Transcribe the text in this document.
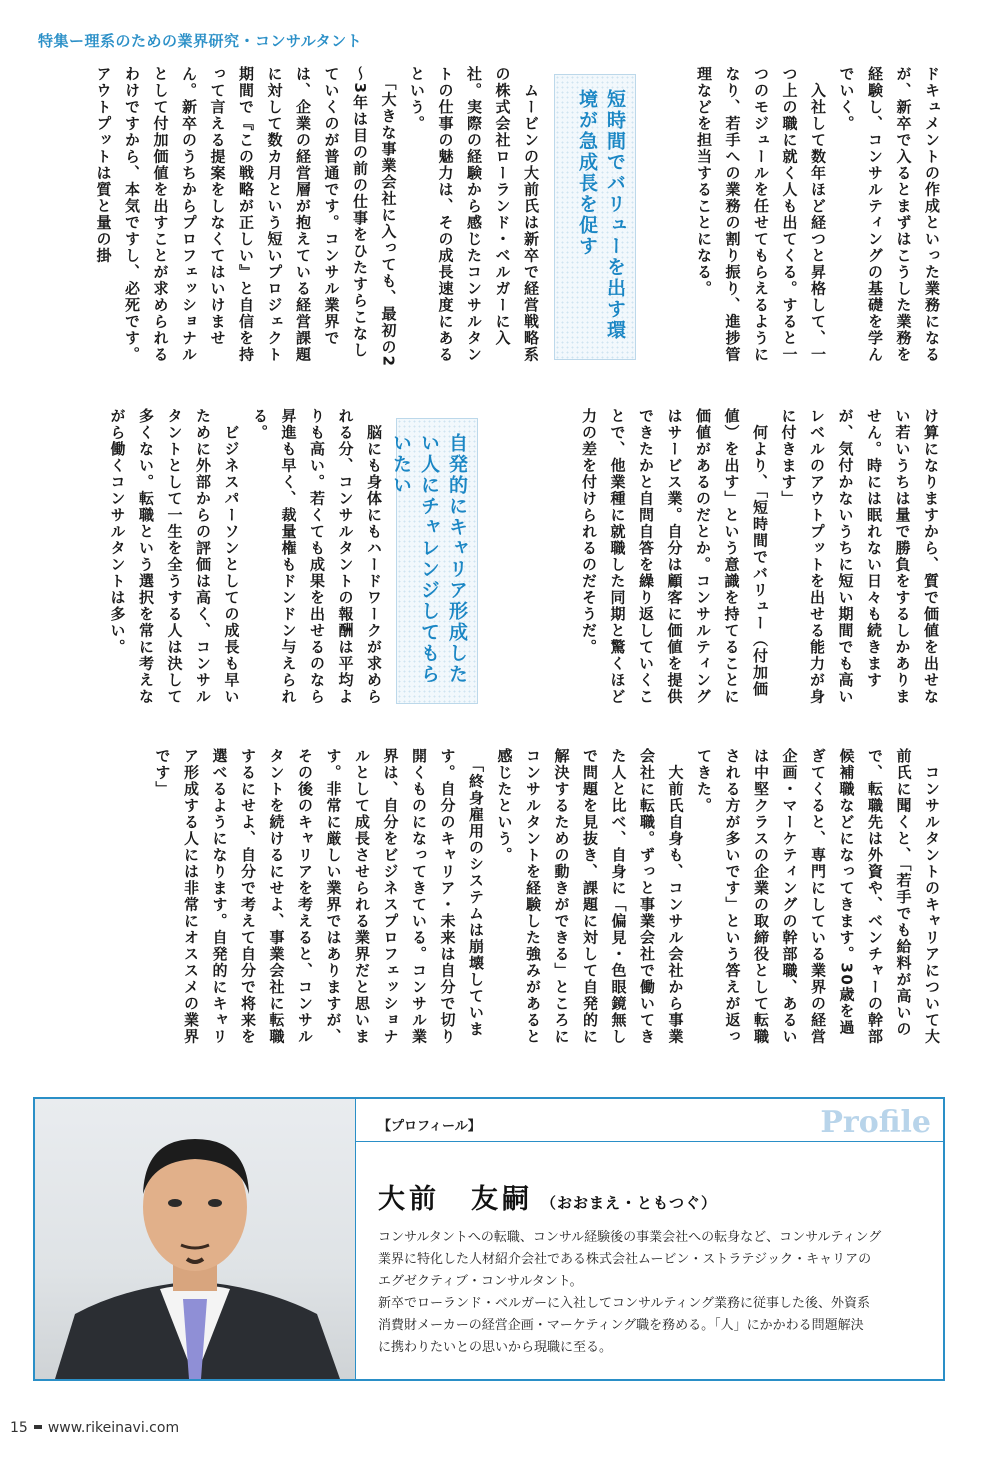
特集ー理系のための業界研究・コンサルタント

ドキュメントの作成といった業務になるが、新卒で入るとまずはこうした業務を経験し、コンサルティングの基礎を学んでいく。

　入社して数年ほど経つと昇格して、一つ上の職に就く人も出てくる。すると一つのモジュールを任せてもらえるようになり、若手への業務の割り振り、進捗管理などを担当することになる。

短時間でバリューを出す環境が急成長を促す

　ムービンの大前氏は新卒で経営戦略系の株式会社ローランド・ベルガーに入社。実際の経験から感じたコンサルタントの仕事の魅力は、その成長速度にあるという。

　「大きな事業会社に入っても、最初の2～3年は目の前の仕事をひたすらこなしていくのが普通です。コンサル業界では、企業の経営層が抱えている経営課題に対して数カ月という短いプロジェクト期間で『この戦略が正しい』と自信を持って言える提案をしなくてはいけません。新卒のうちからプロフェッショナルとして付加価値を出すことが求められるわけですから、本気ですし、必死です。アウトプットは質と量の掛

け算になりますから、質で価値を出せない若いうちは量で勝負をするしかありません。時には眠れない日々も続きますが、気付かないうちに短い期間でも高いレベルのアウトプットを出せる能力が身に付きます」

　何より、「短時間でバリュー（付加価値）を出す」という意識を持てることに価値があるのだとか。コンサルティングはサービス業。自分は顧客に価値を提供できたかと自問自答を繰り返していくことで、他業種に就職した同期と驚くほど力の差を付けられるのだそうだ。

自発的にキャリア形成したい人にチャレンジしてもらいたい

　脳にも身体にもハードワークが求められる分、コンサルタントの報酬は平均よりも高い。若くても成果を出せるのなら昇進も早く、裁量権もドンドン与えられる。

　ビジネスパーソンとしての成長も早いために外部からの評価は高く、コンサルタントとして一生を全うする人は決して多くない。転職という選択を常に考えながら働くコンサルタントは多い。

　コンサルタントのキャリアについて大前氏に聞くと、「若手でも給料が高いので、転職先は外資や、ベンチャーの幹部候補職などになってきます。30歳を過ぎてくると、専門にしている業界の経営企画・マーケティングの幹部職、あるいは中堅クラスの企業の取締役として転職される方が多いです」という答えが返ってきた。

　大前氏自身も、コンサル会社から事業会社に転職。ずっと事業会社で働いてきた人と比べ、自身に「偏見・色眼鏡無しで問題を見抜き、課題に対して自発的に解決するための動きができる」ところにコンサルタントを経験した強みがあると感じたという。

　「終身雇用のシステムは崩壊しています。自分のキャリア・未来は自分で切り開くものになってきている。コンサル業界は、自分をビジネスプロフェッショナルとして成長させられる業界だと思います。非常に厳しい業界ではありますが、その後のキャリアを考えると、コンサルタントを続けるにせよ、事業会社に転職するにせよ、自分で考えて自分で将来を選べるようになります。自発的にキャリア形成する人には非常にオススメの業界です」

【プロフィール】	Profile
大前　友嗣 （おおまえ・ともつぐ）
コンサルタントへの転職、コンサル経験後の事業会社への転身など、コンサルティング
業界に特化した人材紹介会社である株式会社ムービン・ストラテジック・キャリアの
エグゼクティブ・コンサルタント。
新卒でローランド・ベルガーに入社してコンサルティング業務に従事した後、外資系
消費財メーカーの経営企画・マーケティング職を務める。「人」にかかわる問題解決
に携わりたいとの思いから現職に至る。
15 www.rikeinavi.com
